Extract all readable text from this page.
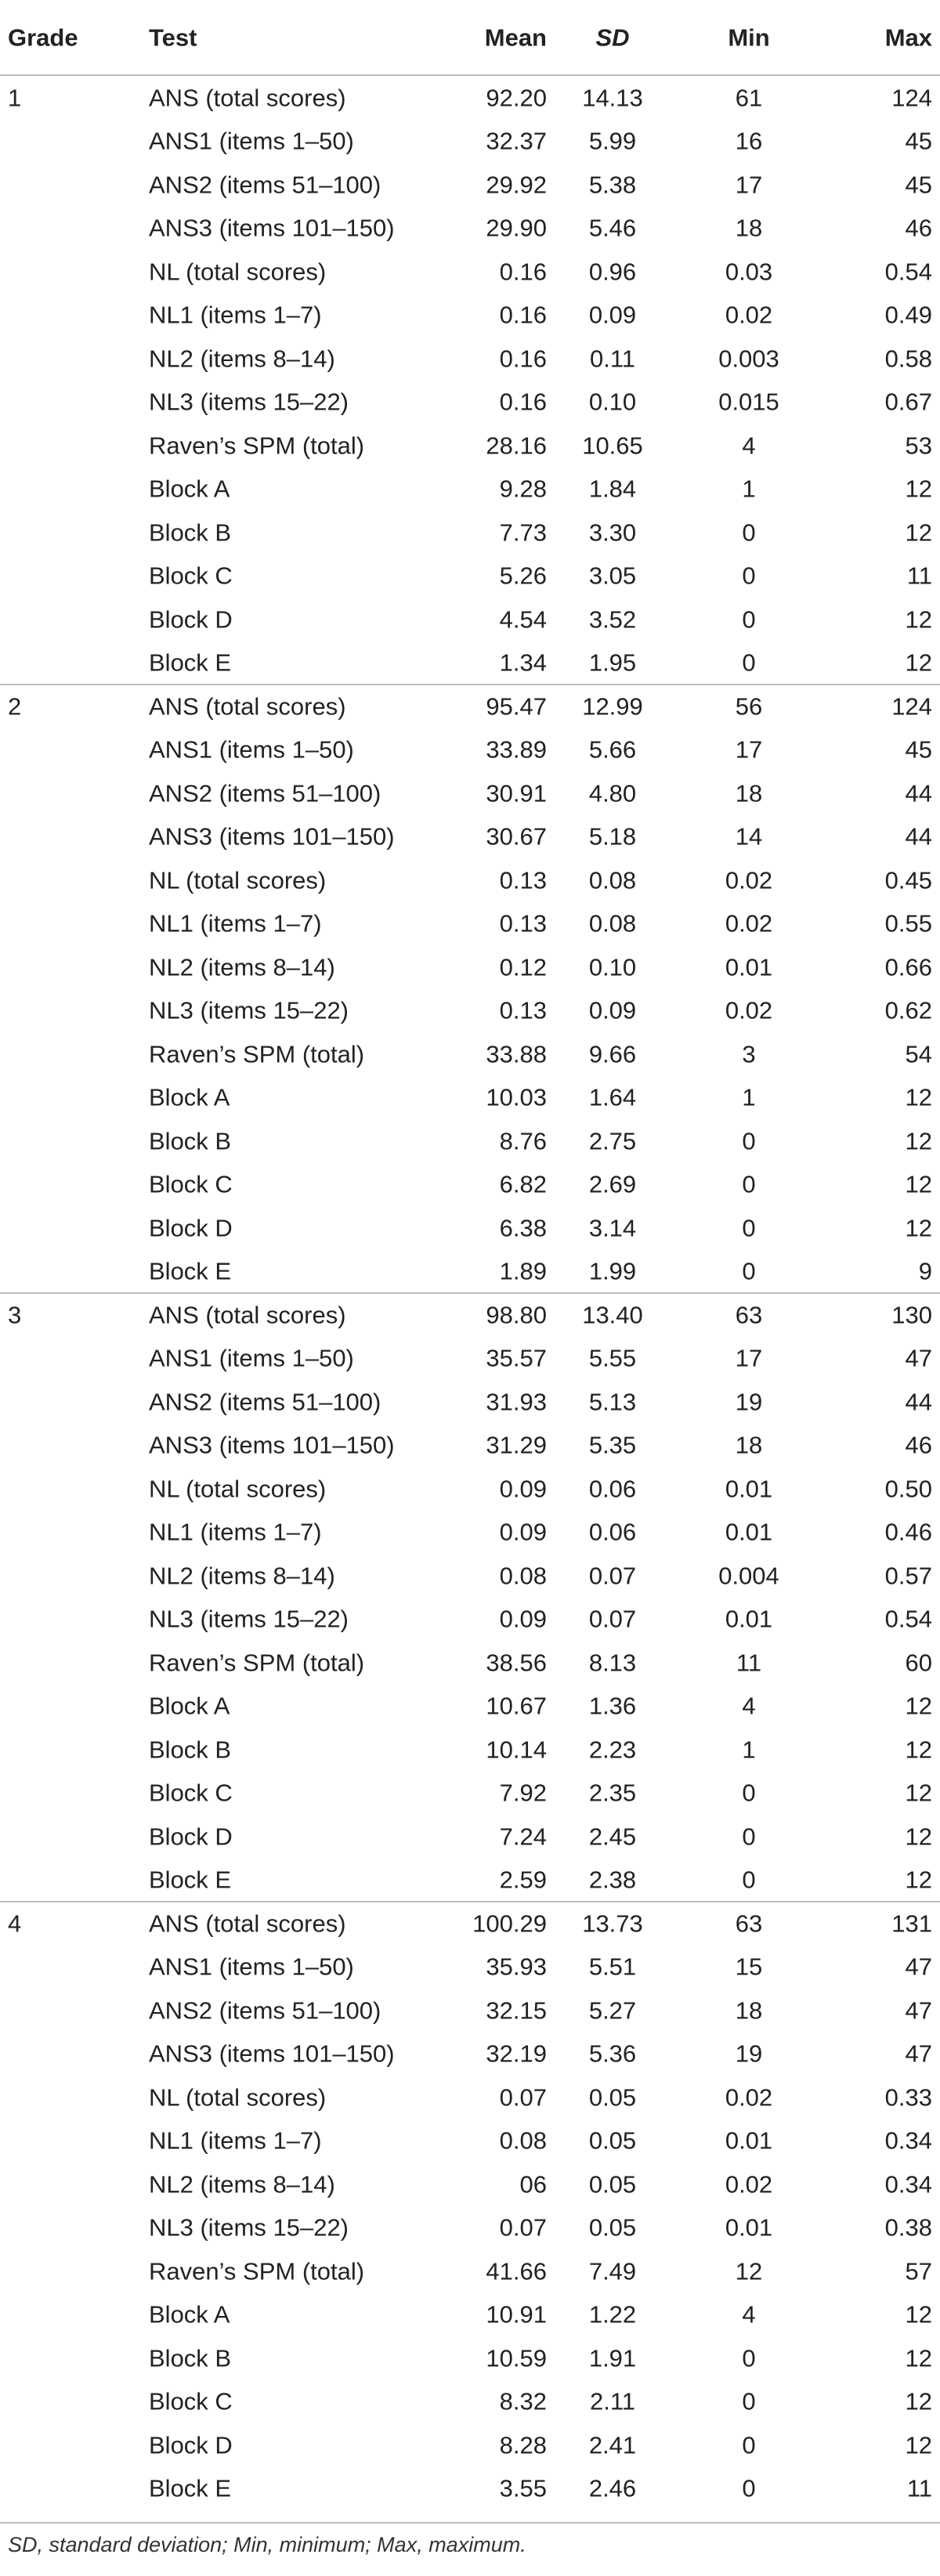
Grade	Test	Mean	SD	Min	Max
1	ANS (total scores)	92.20	14.13	61	124
ANS1 (items 1–50)	32.37	5.99	16	45
ANS2 (items 51–100)	29.92	5.38	17	45
ANS3 (items 101–150)	29.90	5.46	18	46
NL (total scores)	0.16	0.96	0.03	0.54
NL1 (items 1–7)	0.16	0.09	0.02	0.49
NL2 (items 8–14)	0.16	0.11	0.003	0.58
NL3 (items 15–22)	0.16	0.10	0.015	0.67
Raven’s SPM (total)	28.16	10.65	4	53
Block A	9.28	1.84	1	12
Block B	7.73	3.30	0	12
Block C	5.26	3.05	0	11
Block D	4.54	3.52	0	12
Block E	1.34	1.95	0	12
2	ANS (total scores)	95.47	12.99	56	124
ANS1 (items 1–50)	33.89	5.66	17	45
ANS2 (items 51–100)	30.91	4.80	18	44
ANS3 (items 101–150)	30.67	5.18	14	44
NL (total scores)	0.13	0.08	0.02	0.45
NL1 (items 1–7)	0.13	0.08	0.02	0.55
NL2 (items 8–14)	0.12	0.10	0.01	0.66
NL3 (items 15–22)	0.13	0.09	0.02	0.62
Raven’s SPM (total)	33.88	9.66	3	54
Block A	10.03	1.64	1	12
Block B	8.76	2.75	0	12
Block C	6.82	2.69	0	12
Block D	6.38	3.14	0	12
Block E	1.89	1.99	0	9
3	ANS (total scores)	98.80	13.40	63	130
ANS1 (items 1–50)	35.57	5.55	17	47
ANS2 (items 51–100)	31.93	5.13	19	44
ANS3 (items 101–150)	31.29	5.35	18	46
NL (total scores)	0.09	0.06	0.01	0.50
NL1 (items 1–7)	0.09	0.06	0.01	0.46
NL2 (items 8–14)	0.08	0.07	0.004	0.57
NL3 (items 15–22)	0.09	0.07	0.01	0.54
Raven’s SPM (total)	38.56	8.13	11	60
Block A	10.67	1.36	4	12
Block B	10.14	2.23	1	12
Block C	7.92	2.35	0	12
Block D	7.24	2.45	0	12
Block E	2.59	2.38	0	12
4	ANS (total scores)	100.29	13.73	63	131
ANS1 (items 1–50)	35.93	5.51	15	47
ANS2 (items 51–100)	32.15	5.27	18	47
ANS3 (items 101–150)	32.19	5.36	19	47
NL (total scores)	0.07	0.05	0.02	0.33
NL1 (items 1–7)	0.08	0.05	0.01	0.34
NL2 (items 8–14)	06	0.05	0.02	0.34
NL3 (items 15–22)	0.07	0.05	0.01	0.38
Raven’s SPM (total)	41.66	7.49	12	57
Block A	10.91	1.22	4	12
Block B	10.59	1.91	0	12
Block C	8.32	2.11	0	12
Block D	8.28	2.41	0	12
Block E	3.55	2.46	0	11
SD, standard deviation; Min, minimum; Max, maximum.
